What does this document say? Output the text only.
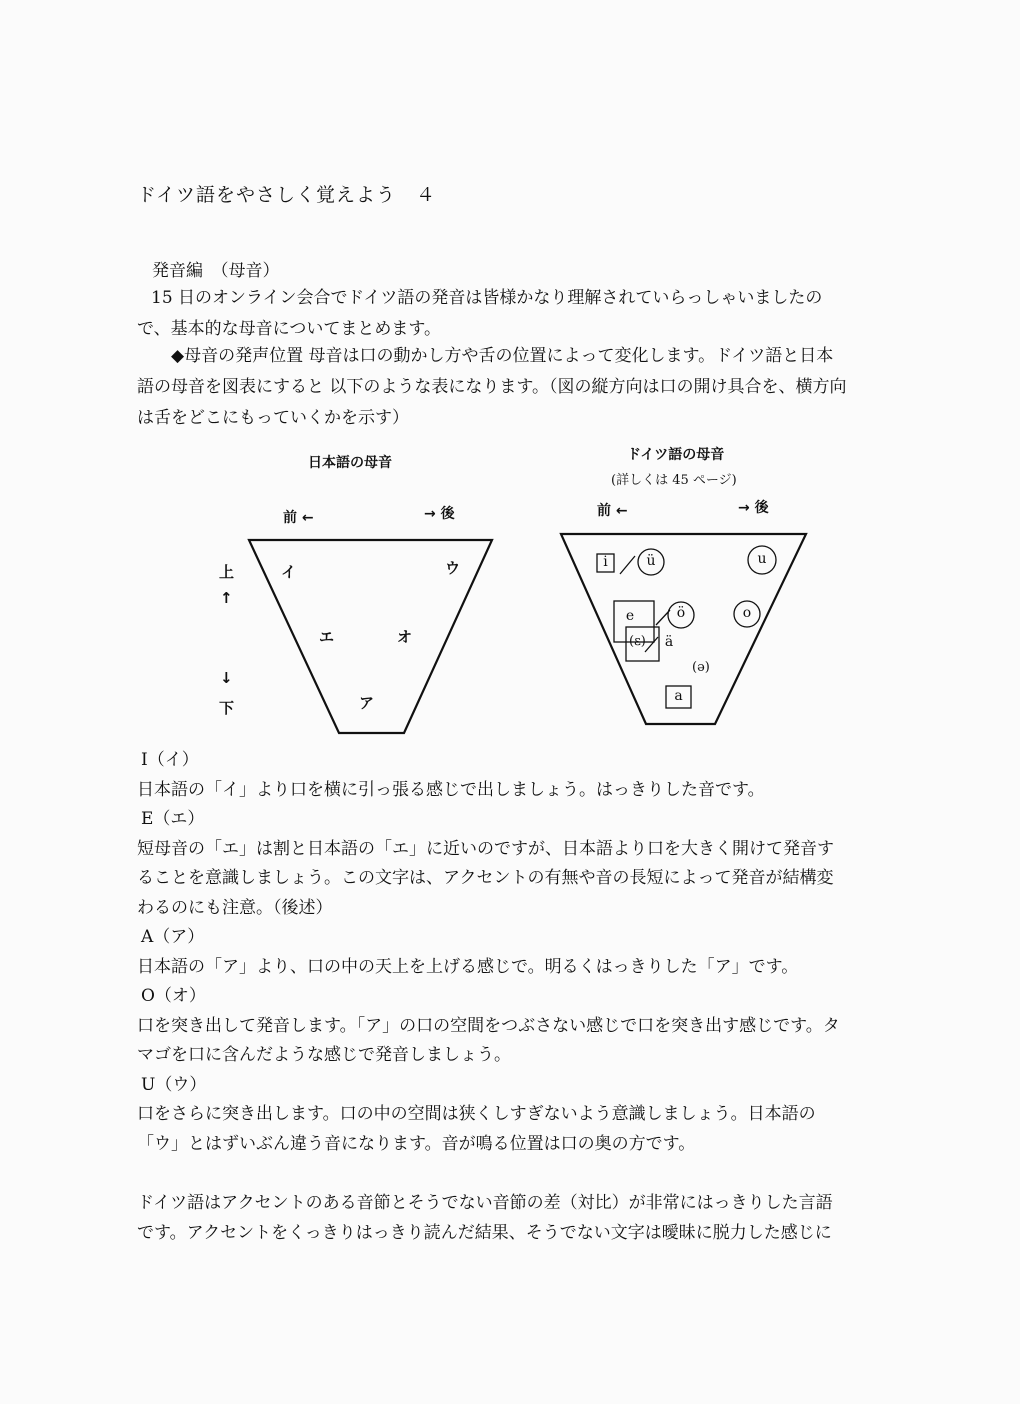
ドイツ語をやさしく覚えよう　４
発音編　（母音）
15 日のオンライン会合でドイツ語の発音は皆様かなり理解されていらっしゃいましたので、基本的な母音についてまとめます。
◆母音の発声位置 母音は口の動かし方や舌の位置によって変化します。ドイツ語と日本語の母音を図表にすると 以下のような表になります。（図の縦方向は口の開け具合を、横方向は舌をどこにもっていくかを示す）
日本語の母音
前 ←	→ 後
上
↑
↓
下
イ	ウ
エ	オ
ア
ドイツ語の母音
(詳しくは 45 ページ)
前 ←	→ 後
i	ü	u
e	ö	o
(ε) ä
(ə)
a
I（イ）
日本語の「イ」より口を横に引っ張る感じで出しましょう。はっきりした音です。
E（エ）
短母音の「エ」は割と日本語の「エ」に近いのですが、日本語より口を大きく開けて発音することを意識しましょう。この文字は、アクセントの有無や音の長短によって発音が結構変わるのにも注意。（後述）
A（ア）
日本語の「ア」より、口の中の天上を上げる感じで。明るくはっきりした「ア」です。
O（オ）
口を突き出して発音します。「ア」の口の空間をつぶさない感じで口を突き出す感じです。タマゴを口に含んだような感じで発音しましょう。
U（ウ）
口をさらに突き出します。口の中の空間は狭くしすぎないよう意識しましょう。日本語の「ウ」とはずいぶん違う音になります。音が鳴る位置は口の奥の方です。
ドイツ語はアクセントのある音節とそうでない音節の差（対比）が非常にはっきりした言語です。アクセントをくっきりはっきり読んだ結果、そうでない文字は曖昧に脱力した感じに
